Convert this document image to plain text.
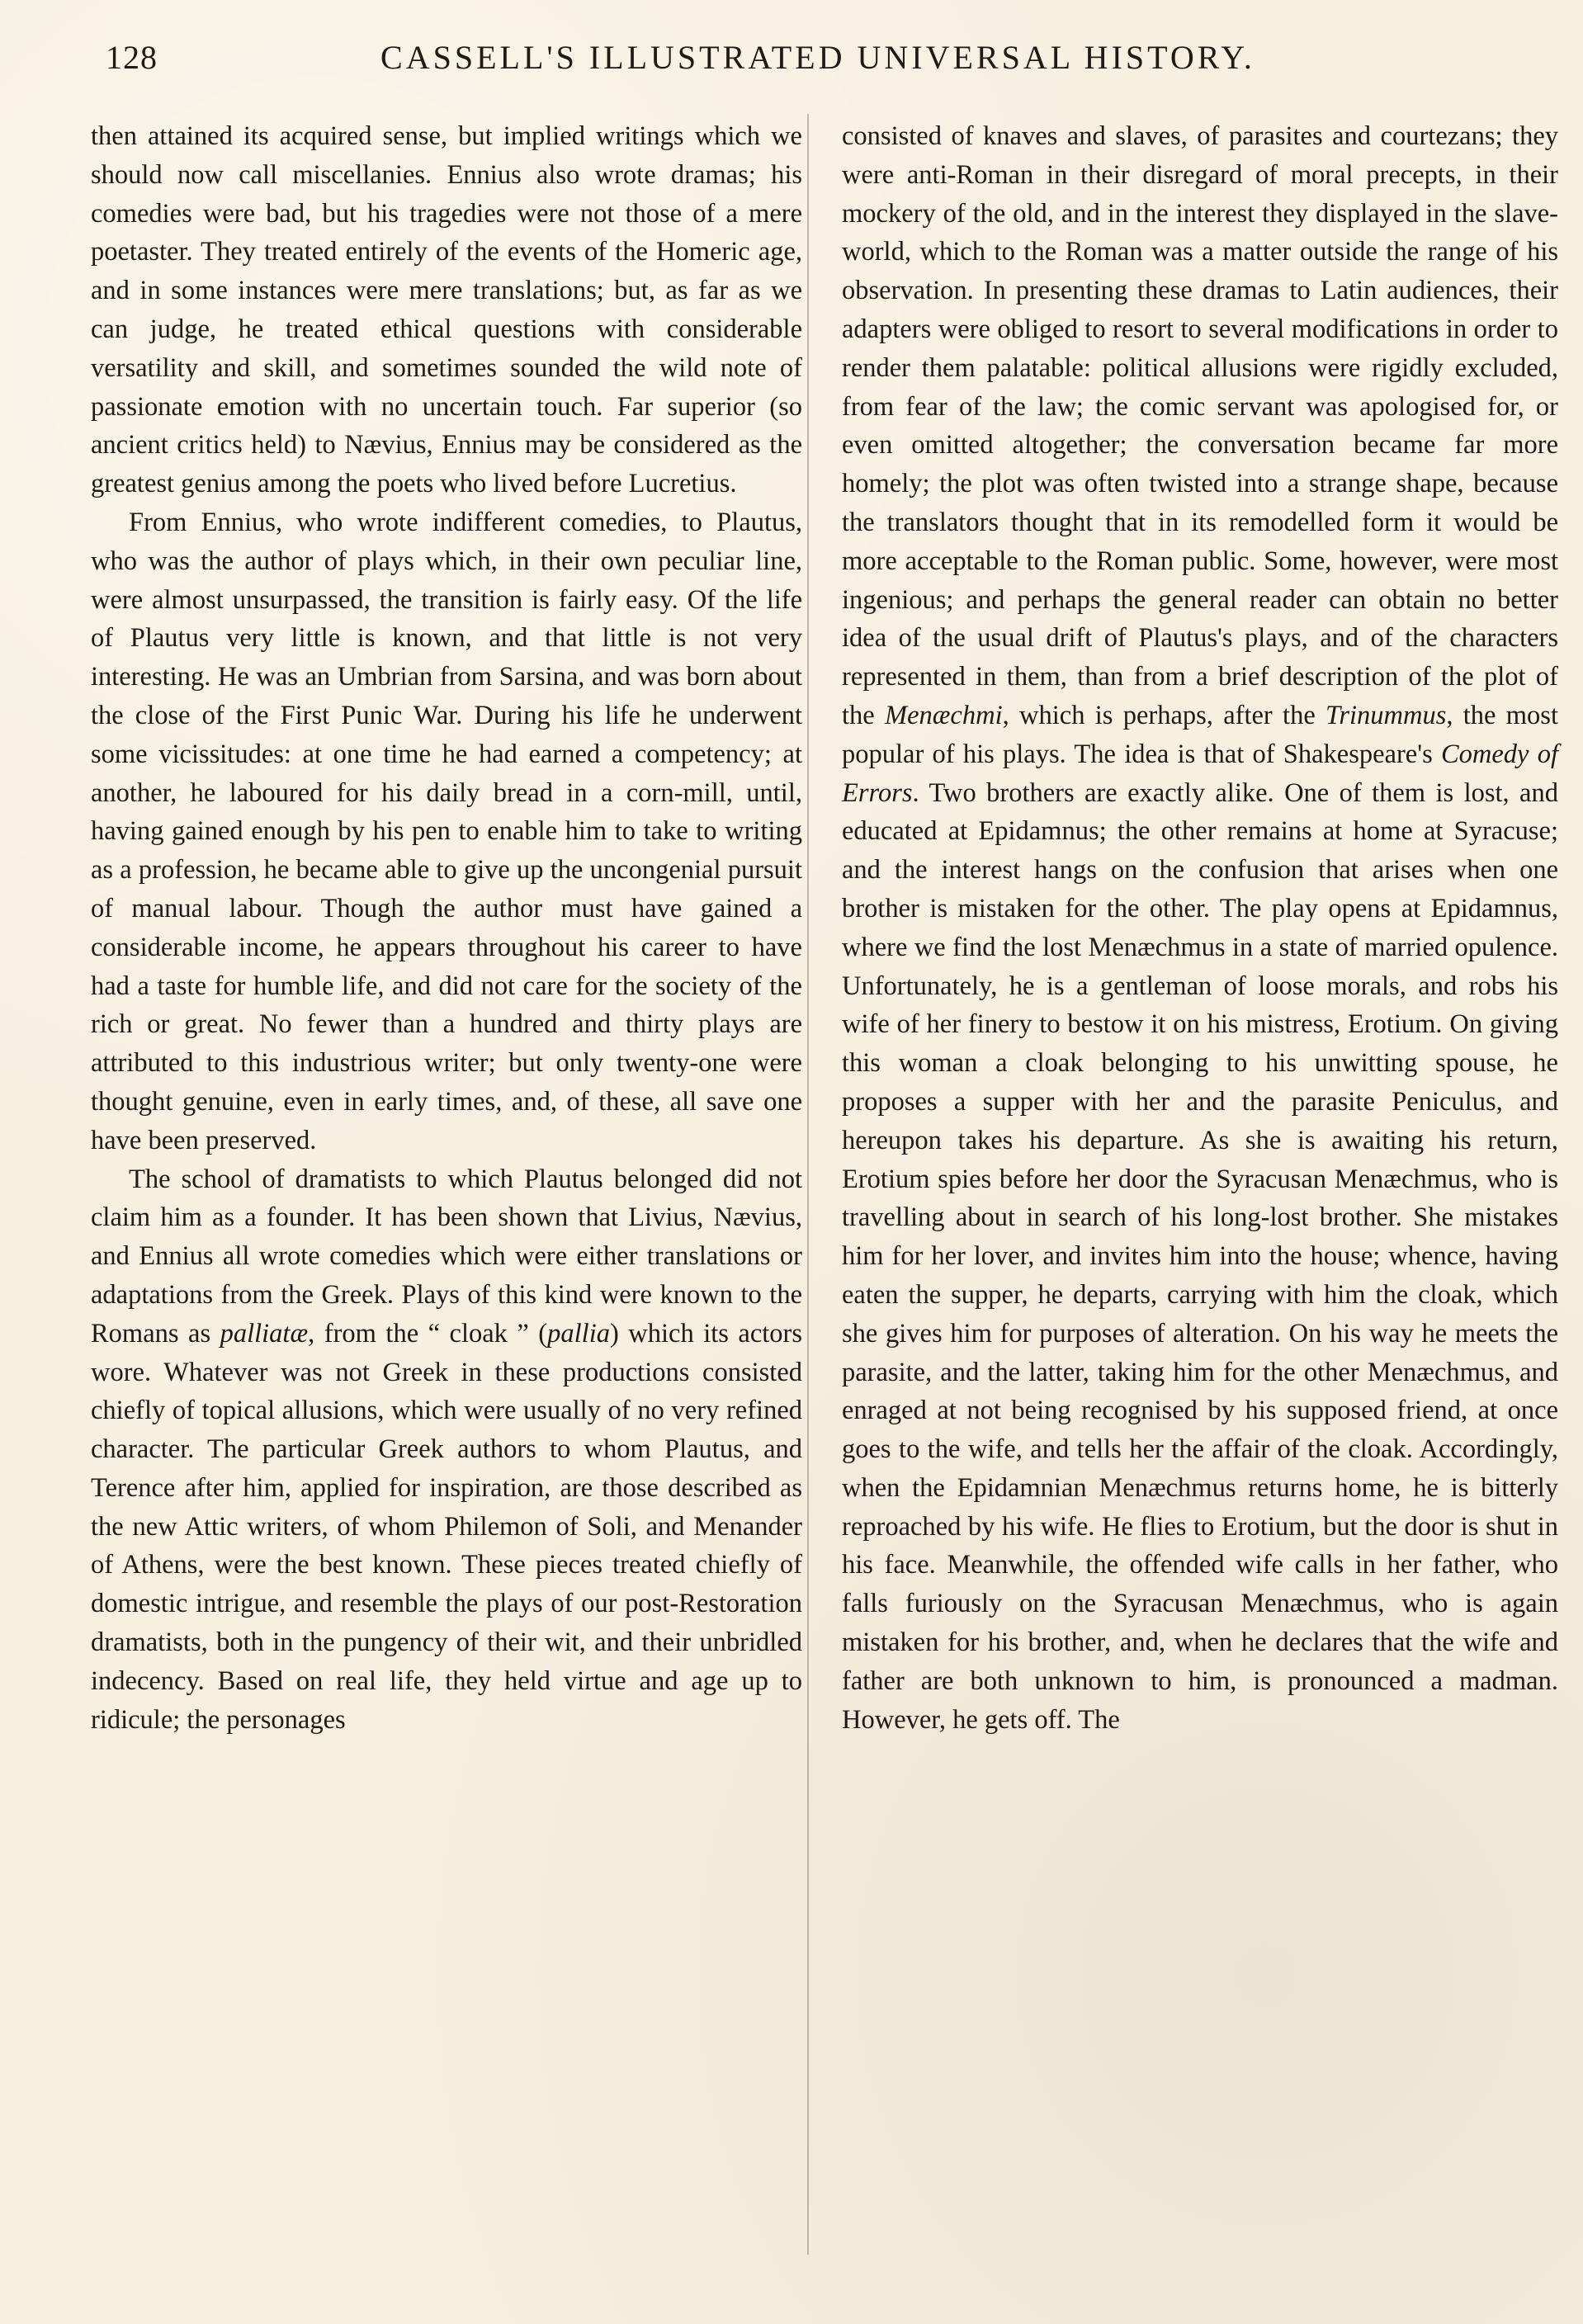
128	CASSELL'S ILLUSTRATED UNIVERSAL HISTORY.

then attained its acquired sense, but implied writings which we should now call miscellanies. Ennius also wrote dramas; his comedies were bad, but his tragedies were not those of a mere poetaster. They treated entirely of the events of the Homeric age, and in some instances were mere translations; but, as far as we can judge, he treated ethical questions with considerable versatility and skill, and sometimes sounded the wild note of passionate emotion with no uncertain touch. Far superior (so ancient critics held) to Nævius, Ennius may be considered as the greatest genius among the poets who lived before Lucretius.

From Ennius, who wrote indifferent comedies, to Plautus, who was the author of plays which, in their own peculiar line, were almost unsurpassed, the transition is fairly easy. Of the life of Plautus very little is known, and that little is not very interesting. He was an Umbrian from Sarsina, and was born about the close of the First Punic War. During his life he underwent some vicissitudes: at one time he had earned a competency; at another, he laboured for his daily bread in a corn-mill, until, having gained enough by his pen to enable him to take to writing as a profession, he became able to give up the uncongenial pursuit of manual labour. Though the author must have gained a considerable income, he appears throughout his career to have had a taste for humble life, and did not care for the society of the rich or great. No fewer than a hundred and thirty plays are attributed to this industrious writer; but only twenty-one were thought genuine, even in early times, and, of these, all save one have been preserved.

The school of dramatists to which Plautus belonged did not claim him as a founder. It has been shown that Livius, Nævius, and Ennius all wrote comedies which were either translations or adaptations from the Greek. Plays of this kind were known to the Romans as palliatæ, from the “ cloak ” (pallia) which its actors wore. Whatever was not Greek in these productions consisted chiefly of topical allusions, which were usually of no very refined character. The particular Greek authors to whom Plautus, and Terence after him, applied for inspiration, are those described as the new Attic writers, of whom Philemon of Soli, and Menander of Athens, were the best known. These pieces treated chiefly of domestic intrigue, and resemble the plays of our post-Restoration dramatists, both in the pungency of their wit, and their unbridled indecency. Based on real life, they held virtue and age up to ridicule; the personages

consisted of knaves and slaves, of parasites and courtezans; they were anti-Roman in their disregard of moral precepts, in their mockery of the old, and in the interest they displayed in the slave-world, which to the Roman was a matter outside the range of his observation. In presenting these dramas to Latin audiences, their adapters were obliged to resort to several modifications in order to render them palatable: political allusions were rigidly excluded, from fear of the law; the comic servant was apologised for, or even omitted altogether; the conversation became far more homely; the plot was often twisted into a strange shape, because the translators thought that in its remodelled form it would be more acceptable to the Roman public. Some, however, were most ingenious; and perhaps the general reader can obtain no better idea of the usual drift of Plautus's plays, and of the characters represented in them, than from a brief description of the plot of the Menæchmi, which is perhaps, after the Trinummus, the most popular of his plays. The idea is that of Shakespeare's Comedy of Errors. Two brothers are exactly alike. One of them is lost, and educated at Epidamnus; the other remains at home at Syracuse; and the interest hangs on the confusion that arises when one brother is mistaken for the other. The play opens at Epidamnus, where we find the lost Menæchmus in a state of married opulence. Unfortunately, he is a gentleman of loose morals, and robs his wife of her finery to bestow it on his mistress, Erotium. On giving this woman a cloak belonging to his unwitting spouse, he proposes a supper with her and the parasite Peniculus, and hereupon takes his departure. As she is awaiting his return, Erotium spies before her door the Syracusan Menæchmus, who is travelling about in search of his long-lost brother. She mistakes him for her lover, and invites him into the house; whence, having eaten the supper, he departs, carrying with him the cloak, which she gives him for purposes of alteration. On his way he meets the parasite, and the latter, taking him for the other Menæchmus, and enraged at not being recognised by his supposed friend, at once goes to the wife, and tells her the affair of the cloak. Accordingly, when the Epidamnian Menæchmus returns home, he is bitterly reproached by his wife. He flies to Erotium, but the door is shut in his face. Meanwhile, the offended wife calls in her father, who falls furiously on the Syracusan Menæchmus, who is again mistaken for his brother, and, when he declares that the wife and father are both unknown to him, is pronounced a madman. However, he gets off. The
